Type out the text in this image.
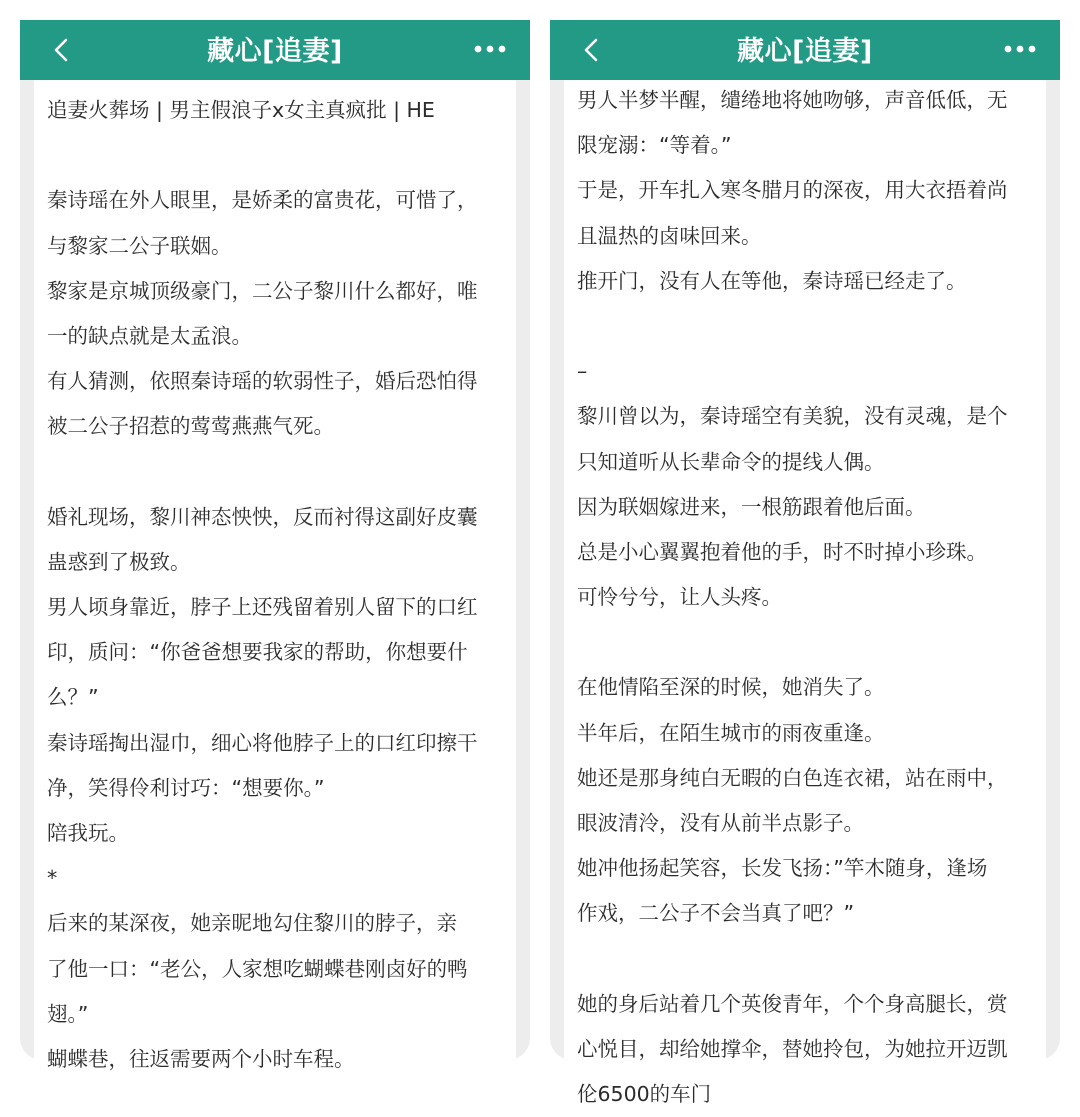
藏心[追妻]
追妻火葬场 | 男主假浪子x女主真疯批 | HE
秦诗瑶在外人眼里，是娇柔的富贵花，可惜了，
与黎家二公子联姻。
黎家是京城顶级豪门，二公子黎川什么都好，唯
一的缺点就是太孟浪。
有人猜测，依照秦诗瑶的软弱性子，婚后恐怕得
被二公子招惹的莺莺燕燕气死。
婚礼现场，黎川神态怏怏，反而衬得这副好皮囊
蛊惑到了极致。
男人顷身靠近，脖子上还残留着别人留下的口红
印，质问：“你爸爸想要我家的帮助，你想要什
么？”
秦诗瑶掏出湿巾，细心将他脖子上的口红印擦干
净，笑得伶利讨巧：“想要你。”
陪我玩。
*
后来的某深夜，她亲昵地勾住黎川的脖子，亲
了他一口：“老公，人家想吃蝴蝶巷刚卤好的鸭
翅。”
蝴蝶巷，往返需要两个小时车程。
藏心[追妻]
男人半梦半醒，缱绻地将她吻够，声音低低，无
限宠溺：“等着。”
于是，开车扎入寒冬腊月的深夜，用大衣捂着尚
且温热的卤味回来。
推开门，没有人在等他，秦诗瑶已经走了。
–
黎川曾以为，秦诗瑶空有美貌，没有灵魂，是个
只知道听从长辈命令的提线人偶。
因为联姻嫁进来，一根筋跟着他后面。
总是小心翼翼抱着他的手，时不时掉小珍珠。
可怜兮兮，让人头疼。
在他情陷至深的时候，她消失了。
半年后，在陌生城市的雨夜重逢。
她还是那身纯白无暇的白色连衣裙，站在雨中，
眼波清泠，没有从前半点影子。
她冲他扬起笑容，长发飞扬：”竿木随身，逢场
作戏，二公子不会当真了吧？”
她的身后站着几个英俊青年，个个身高腿长，赏
心悦目，却给她撑伞，替她拎包，为她拉开迈凯
伦6500的车门
